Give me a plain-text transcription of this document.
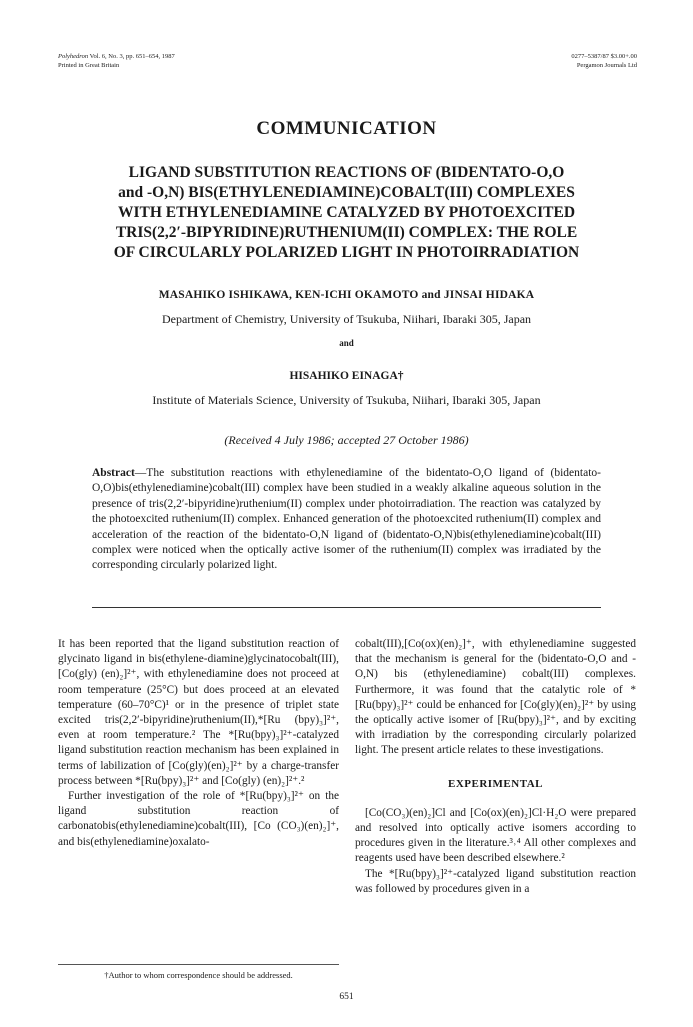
Polyhedron Vol. 6, No. 3, pp. 651–654, 1987
Printed in Great Britain
0277–5387/87 $3.00+.00
Pergamon Journals Ltd
COMMUNICATION
LIGAND SUBSTITUTION REACTIONS OF (BIDENTATO-O,O
and -O,N) BIS(ETHYLENEDIAMINE)COBALT(III) COMPLEXES
WITH ETHYLENEDIAMINE CATALYZED BY PHOTOEXCITED
TRIS(2,2′-BIPYRIDINE)RUTHENIUM(II) COMPLEX: THE ROLE
OF CIRCULARLY POLARIZED LIGHT IN PHOTOIRRADIATION
MASAHIKO ISHIKAWA, KEN-ICHI OKAMOTO and JINSAI HIDAKA
Department of Chemistry, University of Tsukuba, Niihari, Ibaraki 305, Japan
and
HISAHIKO EINAGA†
Institute of Materials Science, University of Tsukuba, Niihari, Ibaraki 305, Japan
(Received 4 July 1986; accepted 27 October 1986)
Abstract—The substitution reactions with ethylenediamine of the bidentato-O,O ligand of (bidentato-O,O)bis(ethylenediamine)cobalt(III) complex have been studied in a weakly alkaline aqueous solution in the presence of tris(2,2′-bipyridine)ruthenium(II) complex under photoirradiation. The reaction was catalyzed by the photoexcited ruthenium(II) complex. Enhanced generation of the photoexcited ruthenium(II) complex and acceleration of the reaction of the bidentato-O,N ligand of (bidentato-O,N)bis(ethylenediamine)cobalt(III) complex were noticed when the optically active isomer of the ruthenium(II) complex was irradiated by the corresponding circularly polarized light.

It has been reported that the ligand substitution reaction of glycinato ligand in bis(ethylene-diamine)glycinatocobalt(III), [Co(gly) (en)₂]²⁺, with ethylenediamine does not proceed at room temperature (25°C) but does proceed at an elevated temperature (60–70°C)¹ or in the presence of triplet state excited tris(2,2′-bipyridine)ruthenium(II),*[Ru (bpy)₃]²⁺, even at room temperature.² The *[Ru(bpy)₃]²⁺-catalyzed ligand substitution reaction mechanism has been explained in terms of labilization of [Co(gly)(en)₂]²⁺ by a charge-transfer process between *[Ru(bpy)₃]²⁺ and [Co(gly) (en)₂]²⁺.²

Further investigation of the role of *[Ru(bpy)₃]²⁺ on the ligand substitution reaction of carbonatobis(ethylenediamine)cobalt(III), [Co (CO₃)(en)₂]⁺, and bis(ethylenediamine)oxalato-

cobalt(III),[Co(ox)(en)₂]⁺, with ethylenediamine suggested that the mechanism is general for the (bidentato-O,O and -O,N) bis (ethylenediamine) cobalt(III) complexes. Furthermore, it was found that the catalytic role of *[Ru(bpy)₃]²⁺ could be enhanced for [Co(gly)(en)₂]²⁺ by using the optically active isomer of [Ru(bpy)₃]²⁺, and by exciting with irradiation by the corresponding circularly polarized light. The present article relates to these investigations.

EXPERIMENTAL

[Co(CO₃)(en)₂]Cl and [Co(ox)(en)₂]Cl·H₂O were prepared and resolved into optically active isomers according to procedures given in the literature.³˒⁴ All other complexes and reagents used have been described elsewhere.²

The *[Ru(bpy)₃]²⁺-catalyzed ligand substitution reaction was followed by procedures given in a

†Author to whom correspondence should be addressed.
651
